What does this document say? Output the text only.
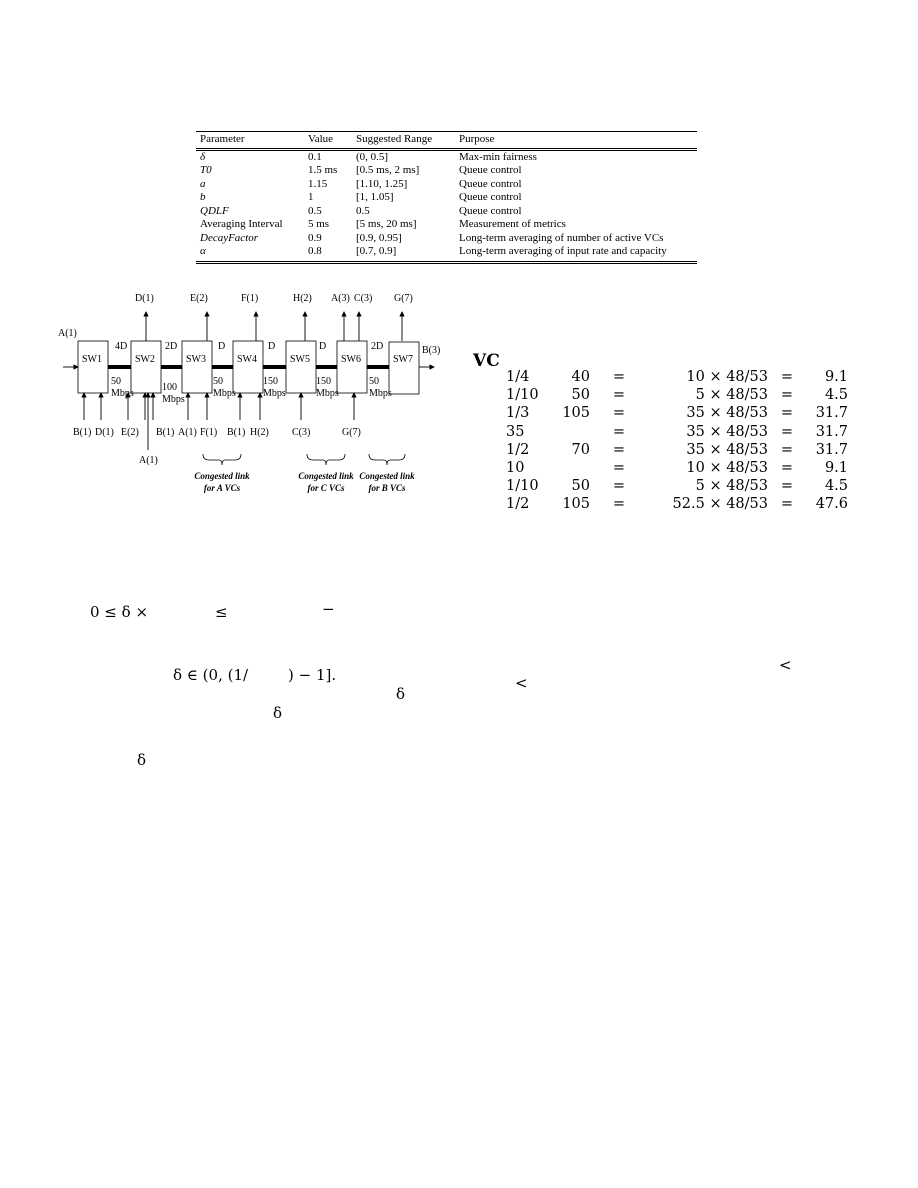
Parameter	Value	Suggested Range	Purpose
δ	0.1	(0, 0.5]	Max-min fairness
T0	1.5 ms	[0.5 ms, 2 ms]	Queue control
a	1.15	[1.10, 1.25]	Queue control
b	1	[1, 1.05]	Queue control
QDLF	0.5	0.5	Queue control
Averaging Interval	5 ms	[5 ms, 20 ms]	Measurement of metrics
DecayFactor	0.9	[0.9, 0.95]	Long-term averaging of number of active VCs
α	0.8	[0.7, 0.9]	Long-term averaging of input rate and capacity
SW1	SW2	SW3	SW4	SW5	SW6	SW7
4D	2D	D	D	D	2D
50
Mbps
100
Mbps
50
Mbps
150
Mbps
150
Mbps
50
Mbps
D(1)	E(2)	F(1)	H(2) A(3) C(3) G(7)
A(1)
B(3)
B(1) D(1) E(2) B(1) A(1) F(1) B(1) H(2) C(3)	G(7)
A(1)
Congested link
for A VCs
Congested link
for C VCs
Congested link
for B VCs
VC
1/4	40	=	10 × 48/53	=	9.1
1/10	50	=	5 × 48/53	=	4.5
1/3	105	=	35 × 48/53	=	31.7
35		=	35 × 48/53	=	31.7
1/2	70	=	35 × 48/53	=	31.7
10		=	10 × 48/53	=	9.1
1/10	50	=	5 × 48/53	=	4.5
1/2	105	=	52.5 × 48/53	=	47.6
0 ≤ δ ×	≤	−
δ ∈ (0, (1/	) − 1].
<
<
δ
δ
δ
